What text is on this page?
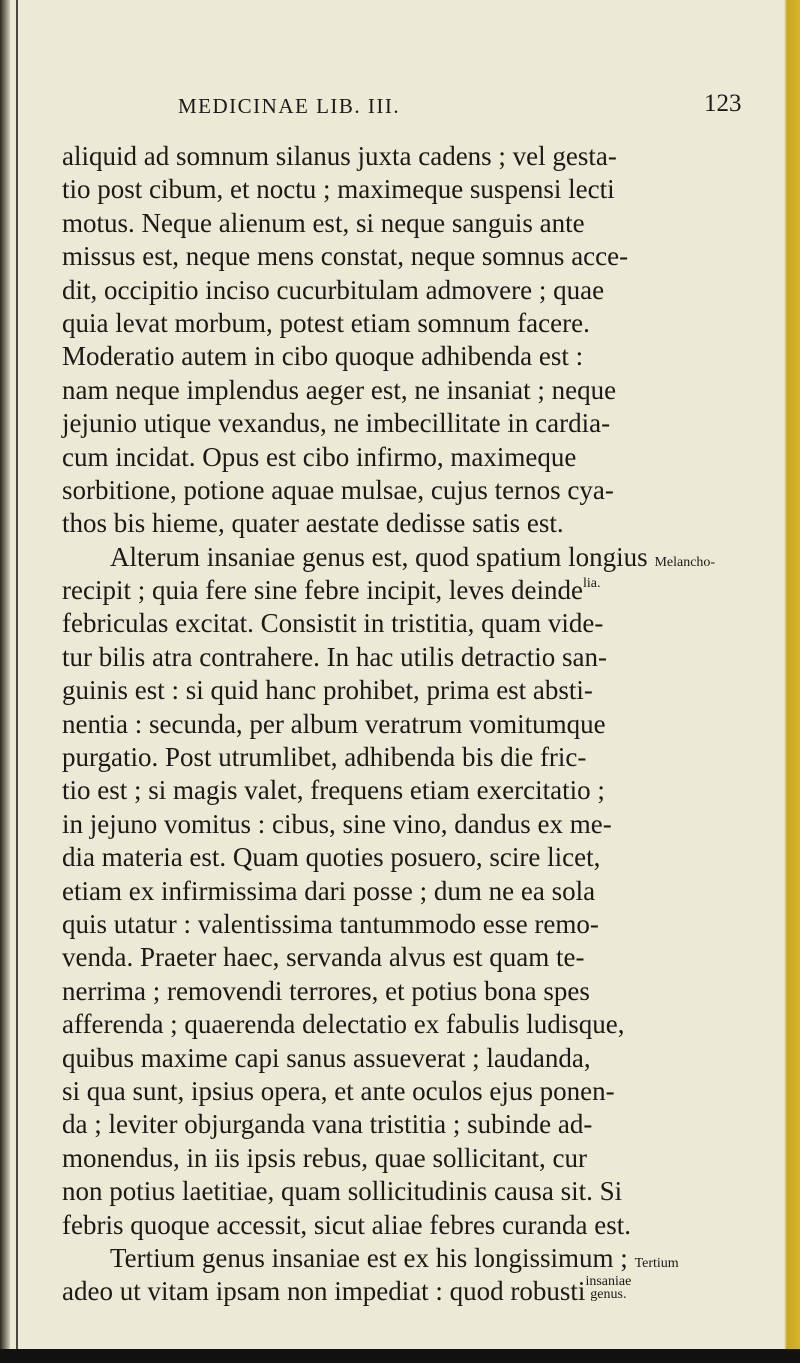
MEDICINAE LIB. III.	123
aliquid ad somnum silanus juxta cadens ; vel gesta-
tio post cibum, et noctu ; maximeque suspensi lecti
motus. Neque alienum est, si neque sanguis ante
missus est, neque mens constat, neque somnus acce-
dit, occipitio inciso cucurbitulam admovere ; quae
quia levat morbum, potest etiam somnum facere.
Moderatio autem in cibo quoque adhibenda est :
nam neque implendus aeger est, ne insaniat ; neque
jejunio utique vexandus, ne imbecillitate in cardia-
cum incidat. Opus est cibo infirmo, maximeque
sorbitione, potione aquae mulsae, cujus ternos cya-
thos bis hieme, quater aestate dedisse satis est.
Alterum insaniae genus est, quod spatium longius Melancho-
recipit ; quia fere sine febre incipit, leves deinde$^{lia.}$
febriculas excitat. Consistit in tristitia, quam vide-
tur bilis atra contrahere. In hac utilis detractio san-
guinis est : si quid hanc prohibet, prima est absti-
nentia : secunda, per album veratrum vomitumque
purgatio. Post utrumlibet, adhibenda bis die fric-
tio est ; si magis valet, frequens etiam exercitatio ;
in jejuno vomitus : cibus, sine vino, dandus ex me-
dia materia est. Quam quoties posuero, scire licet,
etiam ex infirmissima dari posse ; dum ne ea sola
quis utatur : valentissima tantummodo esse remo-
venda. Praeter haec, servanda alvus est quam te-
nerrima ; removendi terrores, et potius bona spes
afferenda ; quaerenda delectatio ex fabulis ludisque,
quibus maxime capi sanus assueverat ; laudanda,
si qua sunt, ipsius opera, et ante oculos ejus ponen-
da ; leviter objurganda vana tristitia ; subinde ad-
monendus, in iis ipsis rebus, quae sollicitant, cur
non potius laetitiae, quam sollicitudinis causa sit. Si
febris quoque accessit, sicut aliae febres curanda est.
Tertium genus insaniae est ex his longissimum ; Tertium
adeo ut vitam ipsam non impediat : quod robusti insaniae
genus.
